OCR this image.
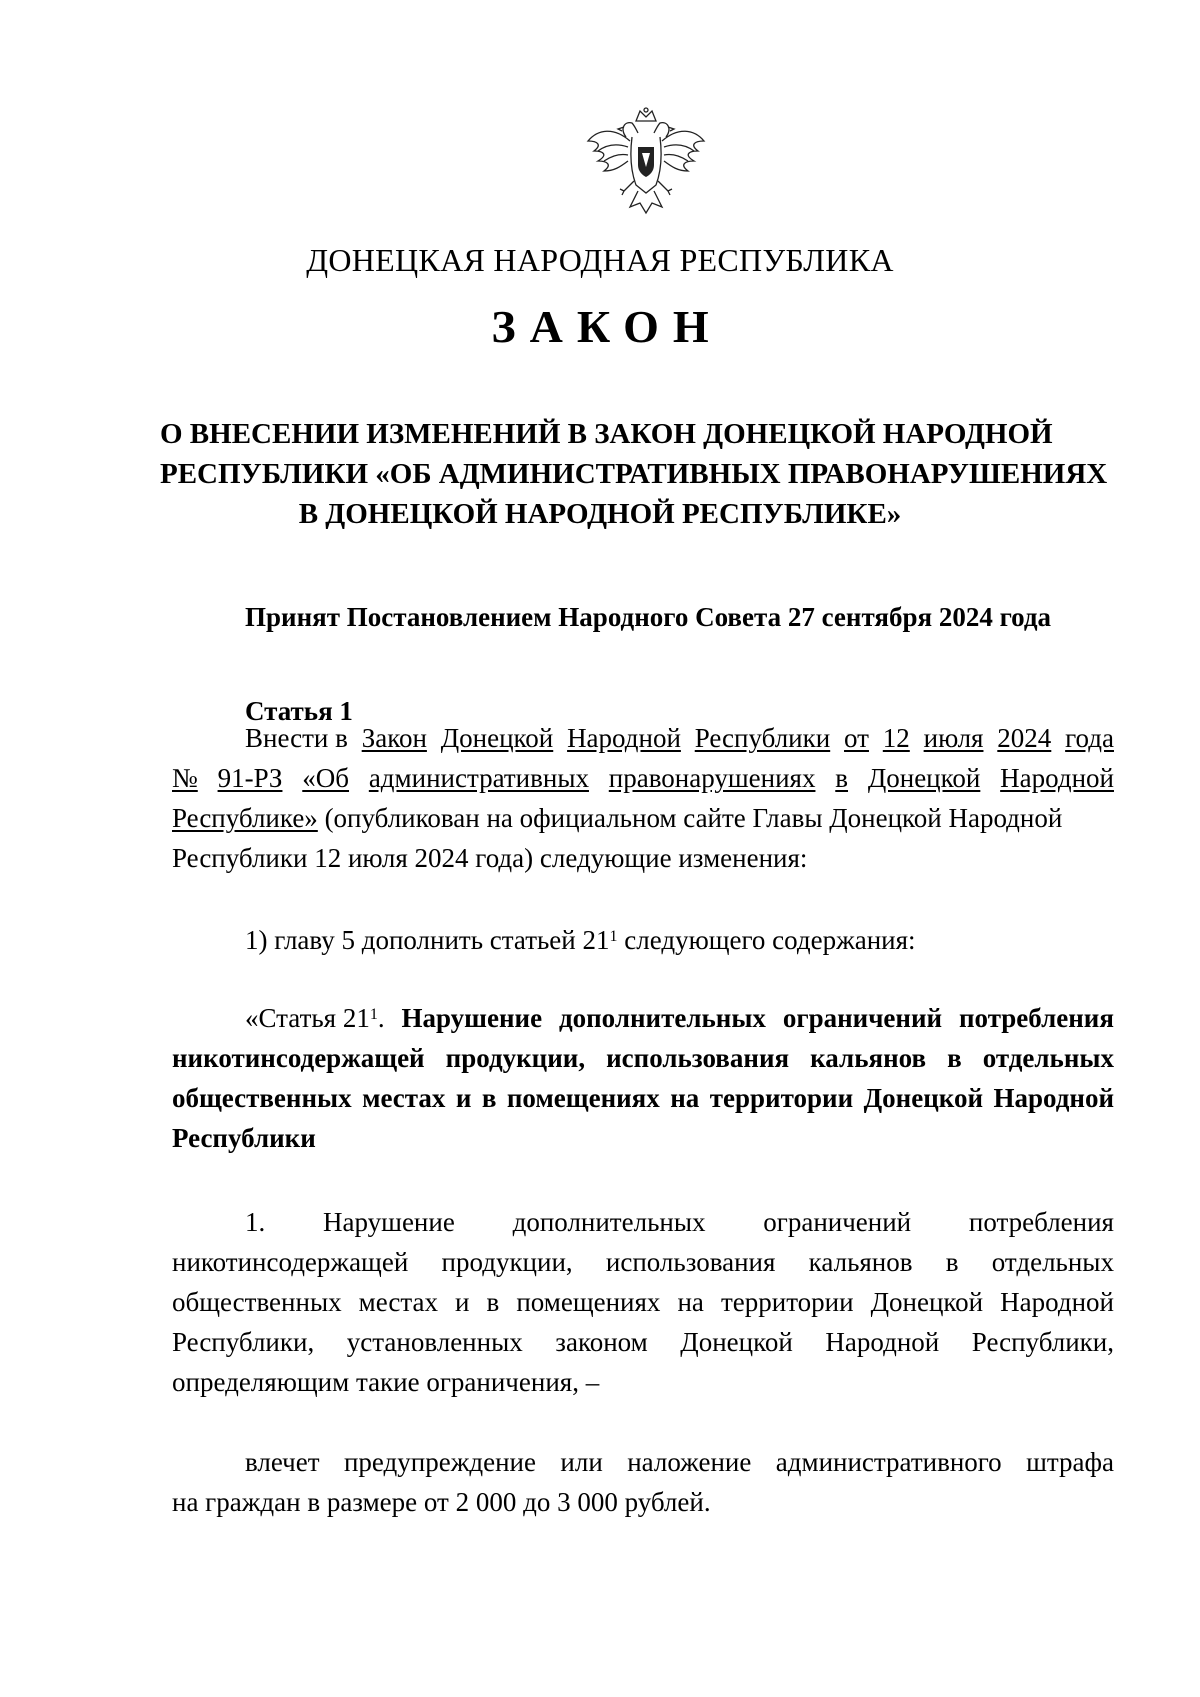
ДОНЕЦКАЯ НАРОДНАЯ РЕСПУБЛИКА
ЗАКОН
О ВНЕСЕНИИ ИЗМЕНЕНИЙ В ЗАКОН ДОНЕЦКОЙ НАРОДНОЙ
РЕСПУБЛИКИ «ОБ АДМИНИСТРАТИВНЫХ ПРАВОНАРУШЕНИЯХ
В ДОНЕЦКОЙ НАРОДНОЙ РЕСПУБЛИКЕ»
Принят Постановлением Народного Совета 27 сентября 2024 года
Статья 1
Внести в Закон Донецкой Народной Республики от 12 июля 2024 года
№ 91-РЗ «Об административных правонарушениях в Донецкой Народной
Республике» (опубликован на официальном сайте Главы Донецкой Народной
Республики 12 июля 2024 года) следующие изменения:
1) главу 5 дополнить статьей $21^1$ следующего содержания:
«Статья $21^1$. Нарушение дополнительных ограничений потребления
никотинсодержащей продукции, использования кальянов в отдельных
общественных местах и в помещениях на территории Донецкой Народной
Республики
1. Нарушение дополнительных ограничений потребления
никотинсодержащей продукции, использования кальянов в отдельных
общественных местах и в помещениях на территории Донецкой Народной
Республики, установленных законом Донецкой Народной Республики,
определяющим такие ограничения, –
влечет предупреждение или наложение административного штрафа
на граждан в размере от 2 000 до 3 000 рублей.
